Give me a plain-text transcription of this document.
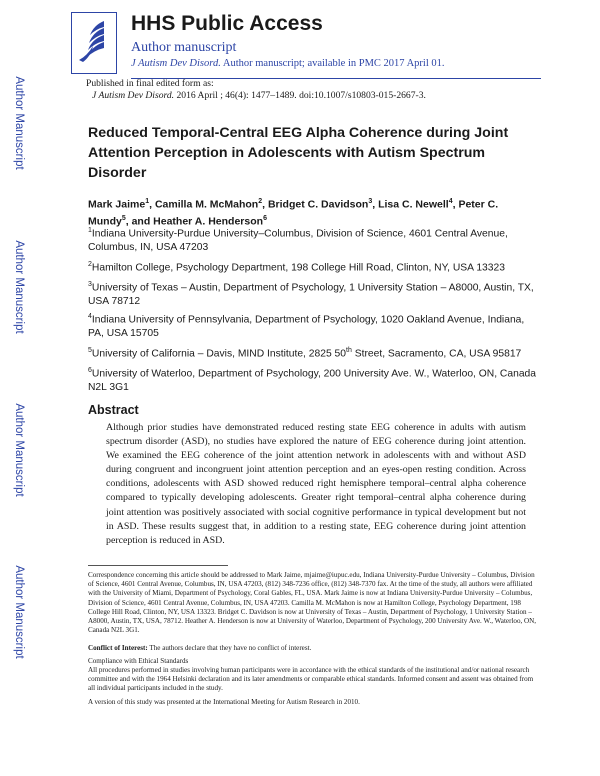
HHS Public Access
Author manuscript
J Autism Dev Disord. Author manuscript; available in PMC 2017 April 01.
Author Manuscript
Author Manuscript
Author Manuscript
Author Manuscript
Published in final edited form as:
J Autism Dev Disord. 2016 April ; 46(4): 1477–1489. doi:10.1007/s10803-015-2667-3.
Reduced Temporal-Central EEG Alpha Coherence during Joint Attention Perception in Adolescents with Autism Spectrum Disorder
Mark Jaime$^1$, Camilla M. McMahon$^2$, Bridget C. Davidson$^3$, Lisa C. Newell$^4$, Peter C. Mundy$^5$, and Heather A. Henderson$^6$
$^1$Indiana University-Purdue University–Columbus, Division of Science, 4601 Central Avenue, Columbus, IN, USA 47203
$^2$Hamilton College, Psychology Department, 198 College Hill Road, Clinton, NY, USA 13323
$^3$University of Texas – Austin, Department of Psychology, 1 University Station – A8000, Austin, TX, USA 78712
$^4$Indiana University of Pennsylvania, Department of Psychology, 1020 Oakland Avenue, Indiana, PA, USA 15705
$^5$University of California – Davis, MIND Institute, 2825 50th Street, Sacramento, CA, USA 95817
$^6$University of Waterloo, Department of Psychology, 200 University Ave. W., Waterloo, ON, Canada N2L 3G1
Abstract
Although prior studies have demonstrated reduced resting state EEG coherence in adults with autism spectrum disorder (ASD), no studies have explored the nature of EEG coherence during joint attention. We examined the EEG coherence of the joint attention network in adolescents with and without ASD during congruent and incongruent joint attention perception and an eyes-open resting condition. Across conditions, adolescents with ASD showed reduced right hemisphere temporal–central alpha coherence compared to typically developing adolescents. Greater right temporal–central alpha coherence during joint attention was positively associated with social cognitive performance in typical development but not in ASD. These results suggest that, in addition to a resting state, EEG coherence during joint attention perception is reduced in ASD.
Correspondence concerning this article should be addressed to Mark Jaime, mjaime@iupuc.edu, Indiana University-Purdue University – Columbus, Division of Science, 4601 Central Avenue, Columbus, IN, USA 47203, (812) 348-7236 office, (812) 348-7370 fax. At the time of the study, all authors were affiliated with the University of Miami, Department of Psychology, Coral Gables, FL, USA. Mark Jaime is now at Indiana University-Purdue University – Columbus, Division of Science, 4601 Central Avenue, Columbus, IN, USA 47203. Camilla M. McMahon is now at Hamilton College, Psychology Department, 198 College Hill Road, Clinton, NY, USA 13323. Bridget C. Davidson is now at University of Texas – Austin, Department of Psychology, 1 University Station – A8000, Austin, TX, USA, 78712. Heather A. Henderson is now at University of Waterloo, Department of Psychology, 200 University Ave. W., Waterloo, ON, Canada N2L 3G1.
Conflict of Interest: The authors declare that they have no conflict of interest.
Compliance with Ethical Standards
All procedures performed in studies involving human participants were in accordance with the ethical standards of the institutional and/or national research committee and with the 1964 Helsinki declaration and its later amendments or comparable ethical standards. Informed consent and assent was obtained from all individual participants included in the study.
A version of this study was presented at the International Meeting for Autism Research in 2010.
